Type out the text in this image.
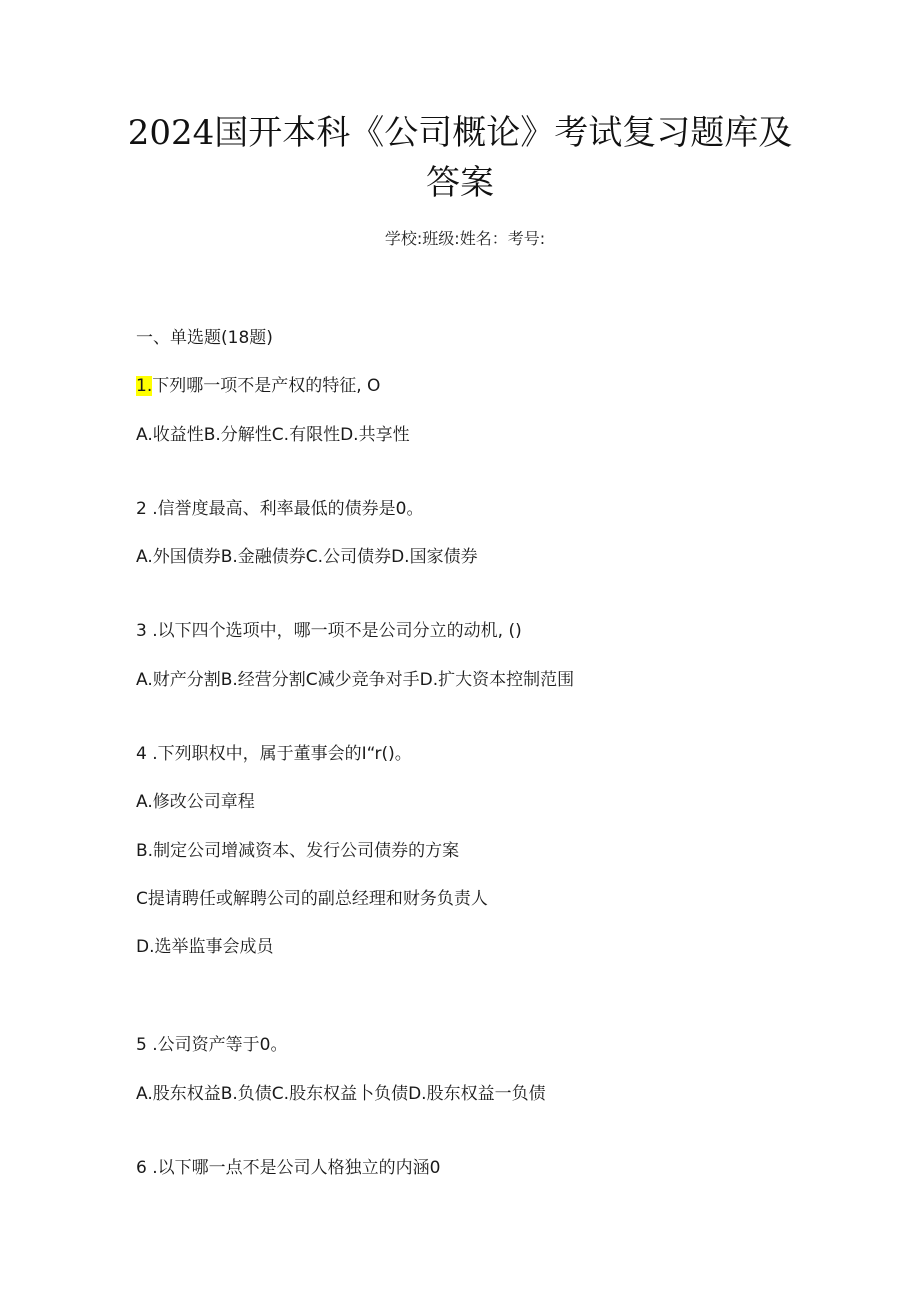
2024国开本科《公司概论》考试复习题库及
答案
学校:班级:姓名：考号:
一、单选题(18题)
1.下列哪一项不是产权的特征, O
A.收益性B.分解性C.有限性D.共享性
2 .信誉度最高、利率最低的债券是0。
A.外国债券B.金融债券C.公司债券D.国家债券
3 .以下四个选项中，哪一项不是公司分立的动机, ()
A.财产分割B.经营分割C减少竞争对手D.扩大资本控制范围
4 .下列职权中，属于董事会的I“r()。
A.修改公司章程
B.制定公司增减资本、发行公司债券的方案
C提请聘任或解聘公司的副总经理和财务负责人
D.选举监事会成员
5 .公司资产等于0。
A.股东权益B.负债C.股东权益卜负债D.股东权益一负债
6 .以下哪一点不是公司人格独立的内涵0
